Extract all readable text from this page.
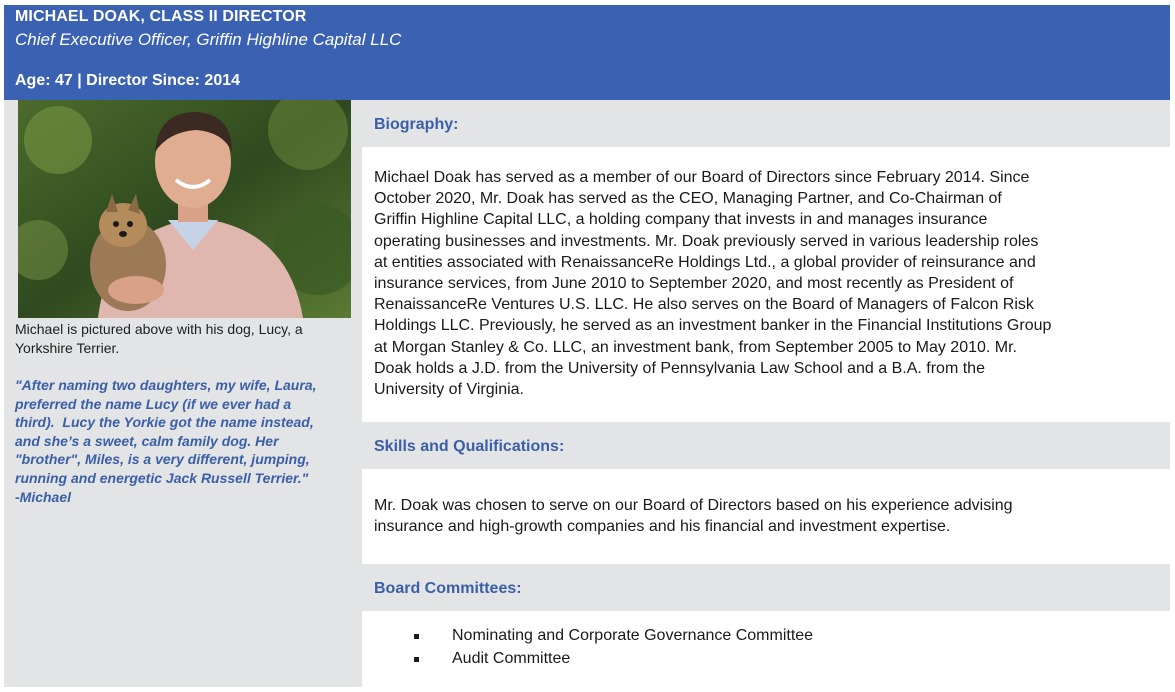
MICHAEL DOAK, CLASS II DIRECTOR
Chief Executive Officer, Griffin Highline Capital LLC
Age: 47 | Director Since: 2014
Michael is pictured above with his dog, Lucy, a Yorkshire Terrier.
"After naming two daughters, my wife, Laura,
preferred the name Lucy (if we ever had a
third).  Lucy the Yorkie got the name instead,
and she’s a sweet, calm family dog. Her
"brother", Miles, is a very different, jumping,
running and energetic Jack Russell Terrier."
-Michael
Biography:
Michael Doak has served as a member of our Board of Directors since February 2014. Since
October 2020, Mr. Doak has served as the CEO, Managing Partner, and Co-Chairman of
Griffin Highline Capital LLC, a holding company that invests in and manages insurance
operating businesses and investments. Mr. Doak previously served in various leadership roles
at entities associated with RenaissanceRe Holdings Ltd., a global provider of reinsurance and
insurance services, from June 2010 to September 2020, and most recently as President of
RenaissanceRe Ventures U.S. LLC. He also serves on the Board of Managers of Falcon Risk
Holdings LLC. Previously, he served as an investment banker in the Financial Institutions Group
at Morgan Stanley & Co. LLC, an investment bank, from September 2005 to May 2010. Mr.
Doak holds a J.D. from the University of Pennsylvania Law School and a B.A. from the
University of Virginia.
Skills and Qualifications:
Mr. Doak was chosen to serve on our Board of Directors based on his experience advising
insurance and high-growth companies and his financial and investment expertise.
Board Committees:
Nominating and Corporate Governance Committee
Audit Committee
